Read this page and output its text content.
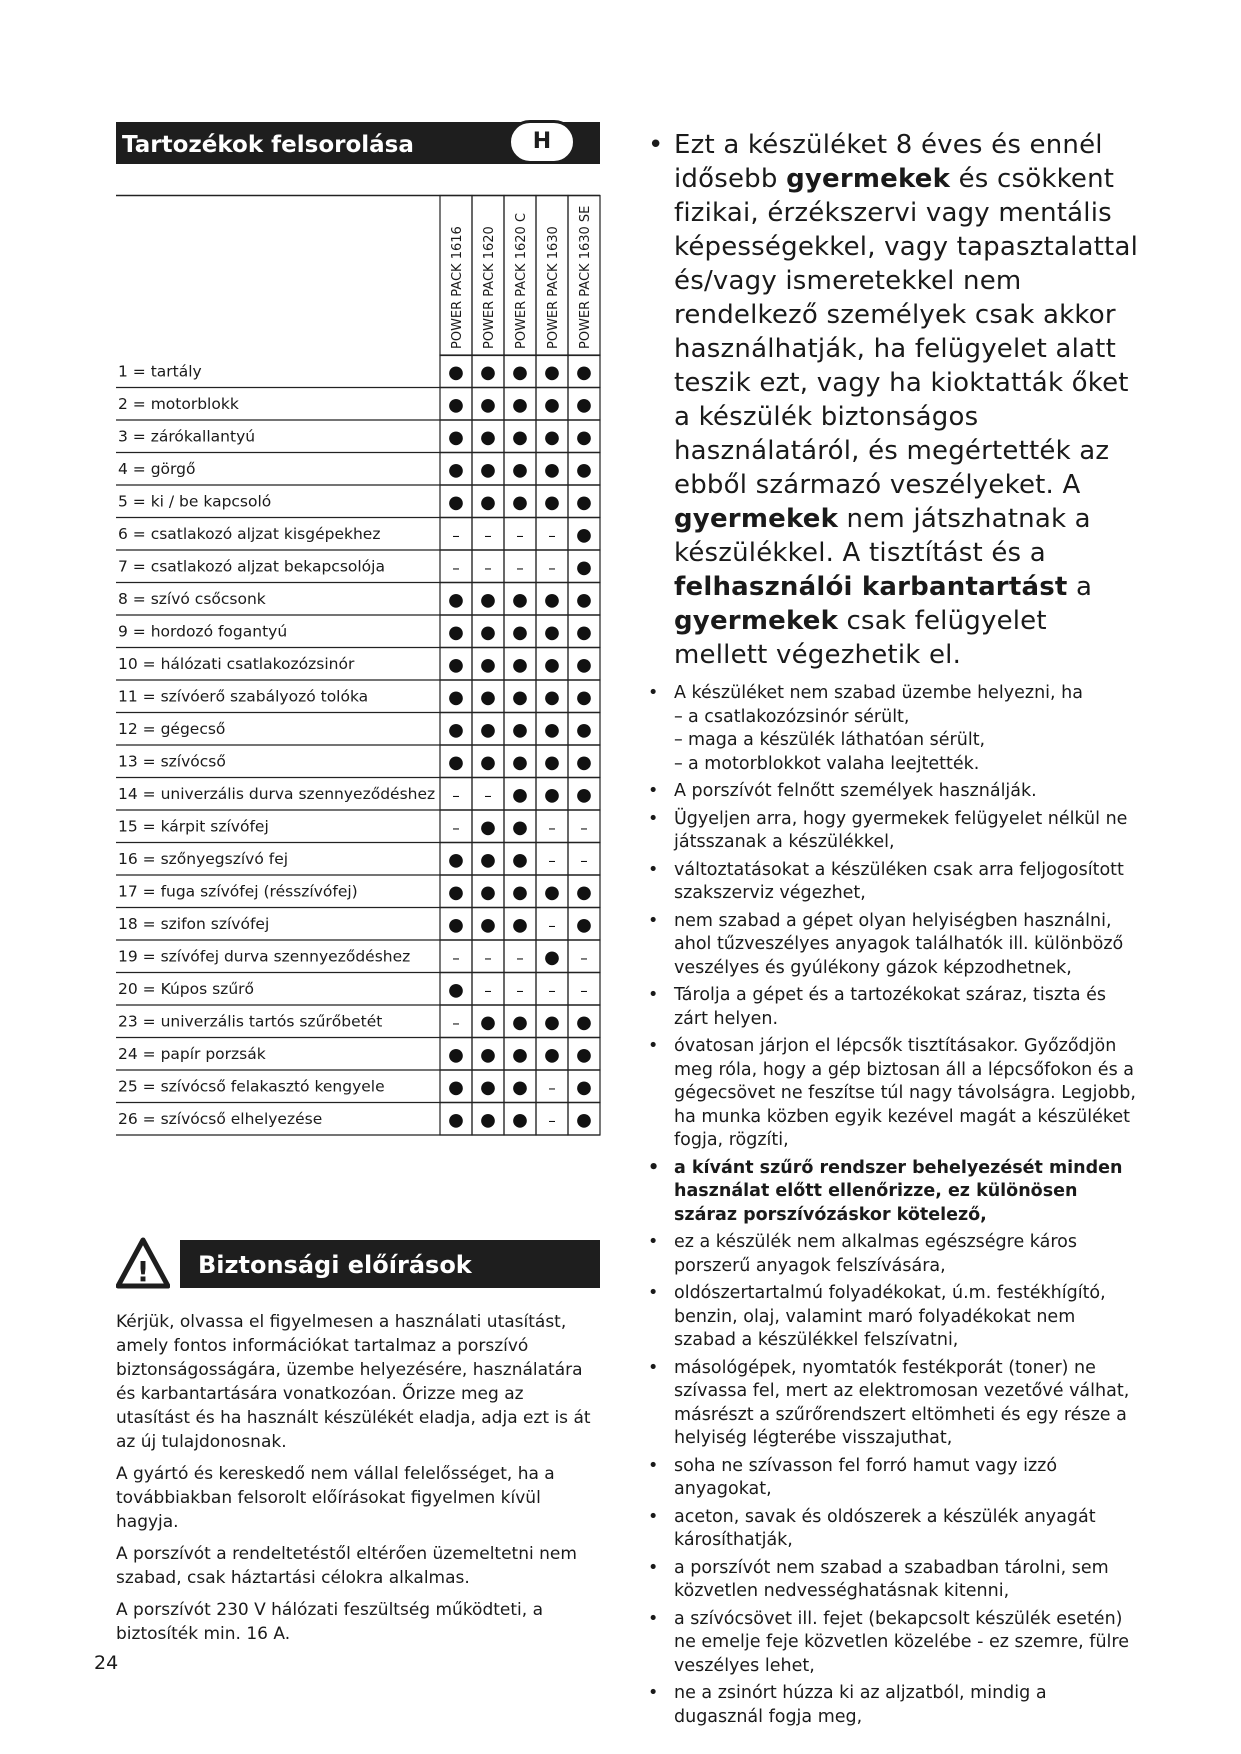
Tartozékok felsorolása	H
POWER PACK 1616 POWER PACK 1620 POWER PACK 1620 C POWER PACK 1630 POWER PACK 1630 SE
1 = tartály	● ● ● ● ●
2 = motorblokk	● ● ● ● ●
3 = zárókallantyú	● ● ● ● ●
4 = görgő	● ● ● ● ●
5 = ki / be kapcsoló	● ● ● ● ●
6 = csatlakozó aljzat kisgépekhez	– – – – ●
7 = csatlakozó aljzat bekapcsolója	– – – – ●
8 = szívó csőcsonk	● ● ● ● ●
9 = hordozó fogantyú	● ● ● ● ●
10 = hálózati csatlakozózsinór	● ● ● ● ●
11 = szívóerő szabályozó tolóka	● ● ● ● ●
12 = gégecső	● ● ● ● ●
13 = szívócső	● ● ● ● ●
14 = univerzális durva szennyeződéshez – – ● ● ●
15 = kárpit szívófej	– ● ● – –
16 = szőnyegszívó fej	● ● ● – –
17 = fuga szívófej (résszívófej)	● ● ● ● ●
18 = szifon szívófej	● ● ● – ●
19 = szívófej durva szennyeződéshez	– – – ● –
20 = Kúpos szűrő	● – – – –
23 = univerzális tartós szűrőbetét	– ● ● ● ●
24 = papír porzsák	● ● ● ● ●
25 = szívócső felakasztó kengyele	● ● ● – ●
26 = szívócső elhelyezése	● ● ● – ●
!	Biztonsági előírások

Kérjük, olvassa el figyelmesen a használati utasítást, amely fontos információkat tartalmaz a porszívó biztonságosságára, üzembe helyezésére, használatára és karbantartására vonatkozóan. Őrizze meg az utasítást és ha használt készülékét eladja, adja ezt is át az új tulajdonosnak.

A gyártó és kereskedő nem vállal felelősséget, ha a továbbiakban felsorolt előírásokat figyelmen kívül hagyja.

A porszívót a rendeltetéstől eltérően üzemeltetni nem szabad, csak háztartási célokra alkalmas.

A porszívót 230 V hálózati feszültség működteti, a biztosíték min. 16 A.

24
• Ezt a készüléket 8 éves és ennél idősebb gyermekek és csökkent fizikai, érzékszervi vagy mentális képességekkel, vagy tapasztalattal és/vagy ismeretekkel nem rendelkező személyek csak akkor használhatják, ha felügyelet alatt teszik ezt, vagy ha kioktatták őket a készülék biztonságos használatáról, és megértették az ebből származó veszélyeket. A gyermekek nem játszhatnak a készülékkel. A tisztítást és a felhasználói karbantartást a gyermekek csak felügyelet mellett végezhetik el.
• A készüléket nem szabad üzembe helyezni, ha
– a csatlakozózsinór sérült,
– maga a készülék láthatóan sérült,
– a motorblokkot valaha leejtették.
• A porszívót felnőtt személyek használják.
• Ügyeljen arra, hogy gyermekek felügyelet nélkül ne játsszanak a készülékkel,
• változtatásokat a készüléken csak arra feljogosított szakszerviz végezhet,
• nem szabad a gépet olyan helyiségben használni, ahol tűzveszélyes anyagok találhatók ill. különböző veszélyes és gyúlékony gázok képzodhetnek,
• Tárolja a gépet és a tartozékokat száraz, tiszta és zárt helyen.
• óvatosan járjon el lépcsők tisztításakor. Győződjön meg róla, hogy a gép biztosan áll a lépcsőfokon és a gégecsövet ne feszítse túl nagy távolságra. Legjobb, ha munka közben egyik kezével magát a készüléket fogja, rögzíti,
• a kívánt szűrő rendszer behelyezését minden használat előtt ellenőrizze, ez különösen száraz porszívózáskor kötelező,
• ez a készülék nem alkalmas egészségre káros porszerű anyagok felszívására,
• oldószertartalmú folyadékokat, ú.m. festékhígító, benzin, olaj, valamint maró folyadékokat nem szabad a készülékkel felszívatni,
• másológépek, nyomtatók festékporát (toner) ne szívassa fel, mert az elektromosan vezetővé válhat, másrészt a szűrőrendszert eltömheti és egy része a helyiség légterébe visszajuthat,
• soha ne szívasson fel forró hamut vagy izzó anyagokat,
• aceton, savak és oldószerek a készülék anyagát károsíthatják,
• a porszívót nem szabad a szabadban tárolni, sem közvetlen nedvességhatásnak kitenni,
• a szívócsövet ill. fejet (bekapcsolt készülék esetén) ne emelje feje közvetlen közelébe - ez szemre, fülre veszélyes lehet,
• ne a zsinórt húzza ki az aljzatból, mindig a dugasznál fogja meg,
